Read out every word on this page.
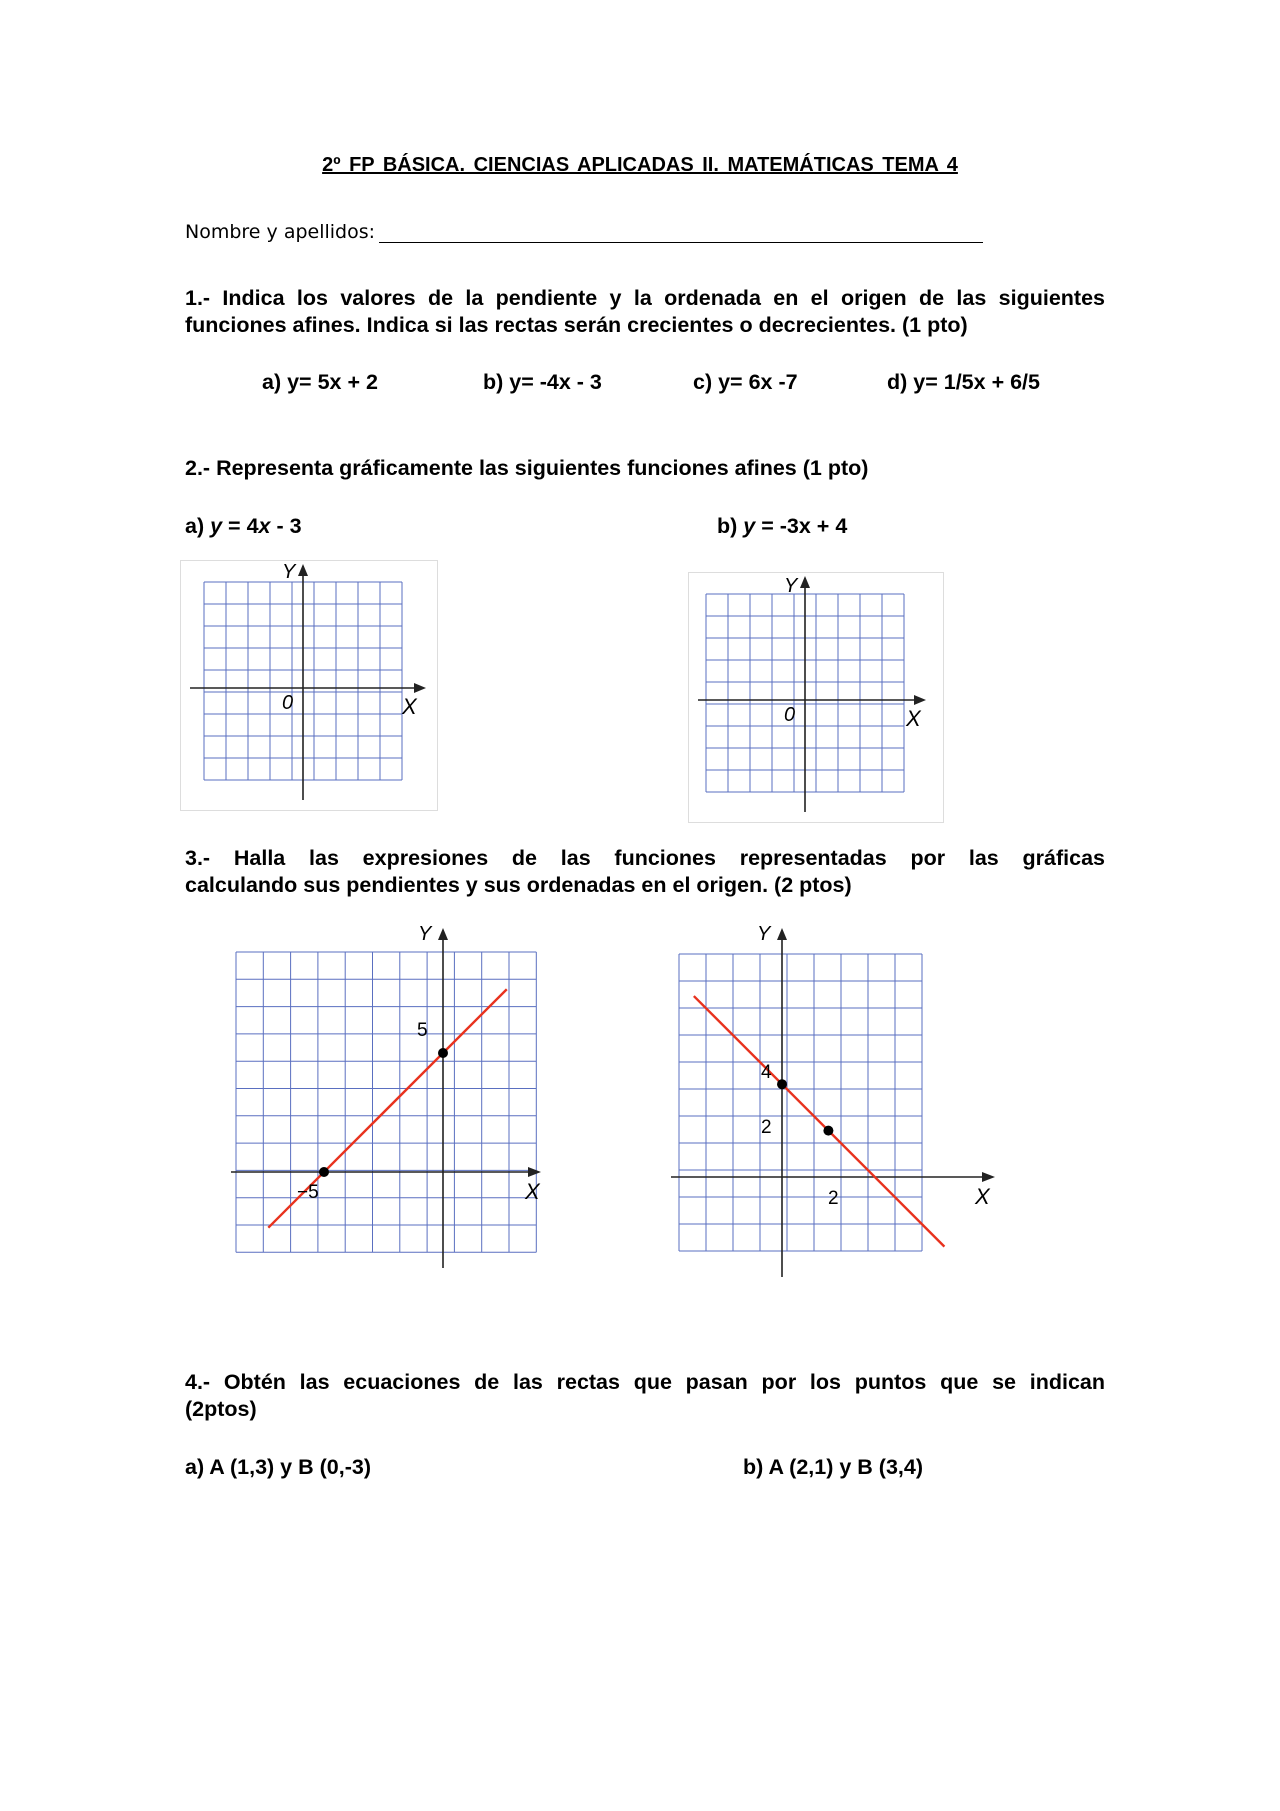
2º FP BÁSICA. CIENCIAS APLICADAS II. MATEMÁTICAS TEMA 4
Nombre y apellidos:
1.- Indica los valores de la pendiente y la ordenada en el origen de las siguientes
funciones afines. Indica si las rectas serán crecientes o decrecientes. (1 pto)
a) y= 5x + 2	b) y= -4x - 3	c) y= 6x -7	d) y= 1/5x + 6/5
2.- Representa gráficamente las siguientes funciones afines (1 pto)
a) y = 4x - 3	b) y = -3x + 4
Y
X
0
Y
X
0
3.- Halla las expresiones de las funciones representadas por las gráficas
calculando sus pendientes y sus ordenadas en el origen. (2 ptos)
Y
X
5
−5
Y
X
4
2
2
4.- Obtén las ecuaciones de las rectas que pasan por los puntos que se indican
(2ptos)
a) A (1,3) y B (0,-3)	b) A (2,1) y B (3,4)
